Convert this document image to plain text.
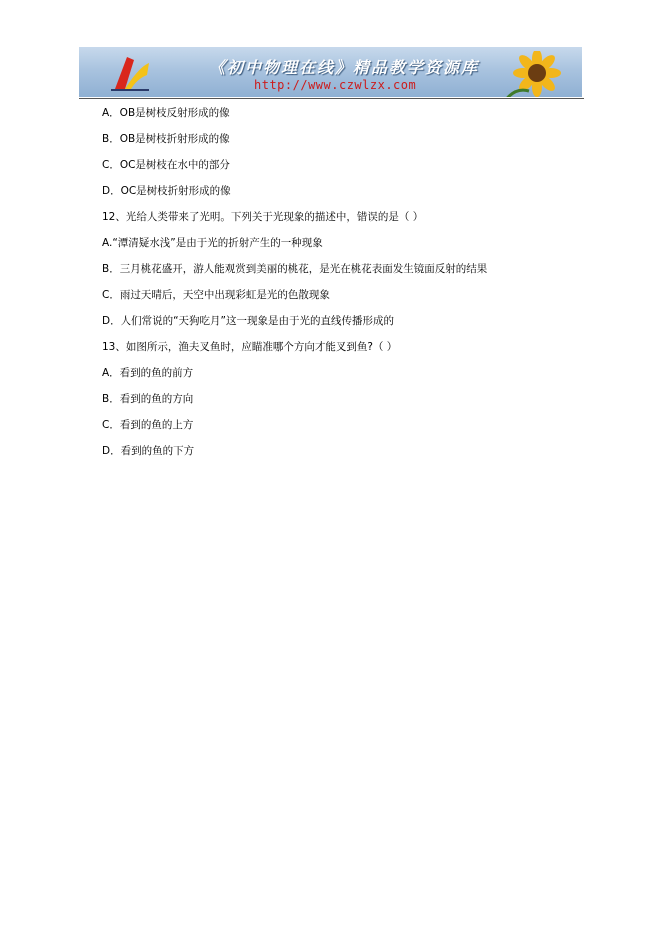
《初中物理在线》精品教学资源库
http://www.czwlzx.com
A．OB是树枝反射形成的像
B．OB是树枝折射形成的像
C．OC是树枝在水中的部分
D．OC是树枝折射形成的像
12、光给人类带来了光明。下列关于光现象的描述中，错误的是（ ）
A.“潭清疑水浅”是由于光的折射产生的一种现象
B．三月桃花盛开，游人能观赏到美丽的桃花，是光在桃花表面发生镜面反射的结果
C．雨过天晴后，天空中出现彩虹是光的色散现象
D．人们常说的“天狗吃月”这一现象是由于光的直线传播形成的
13、如图所示，渔夫叉鱼时，应瞄准哪个方向才能叉到鱼?（ ）
A．看到的鱼的前方
B．看到的鱼的方向
C．看到的鱼的上方
D．看到的鱼的下方
